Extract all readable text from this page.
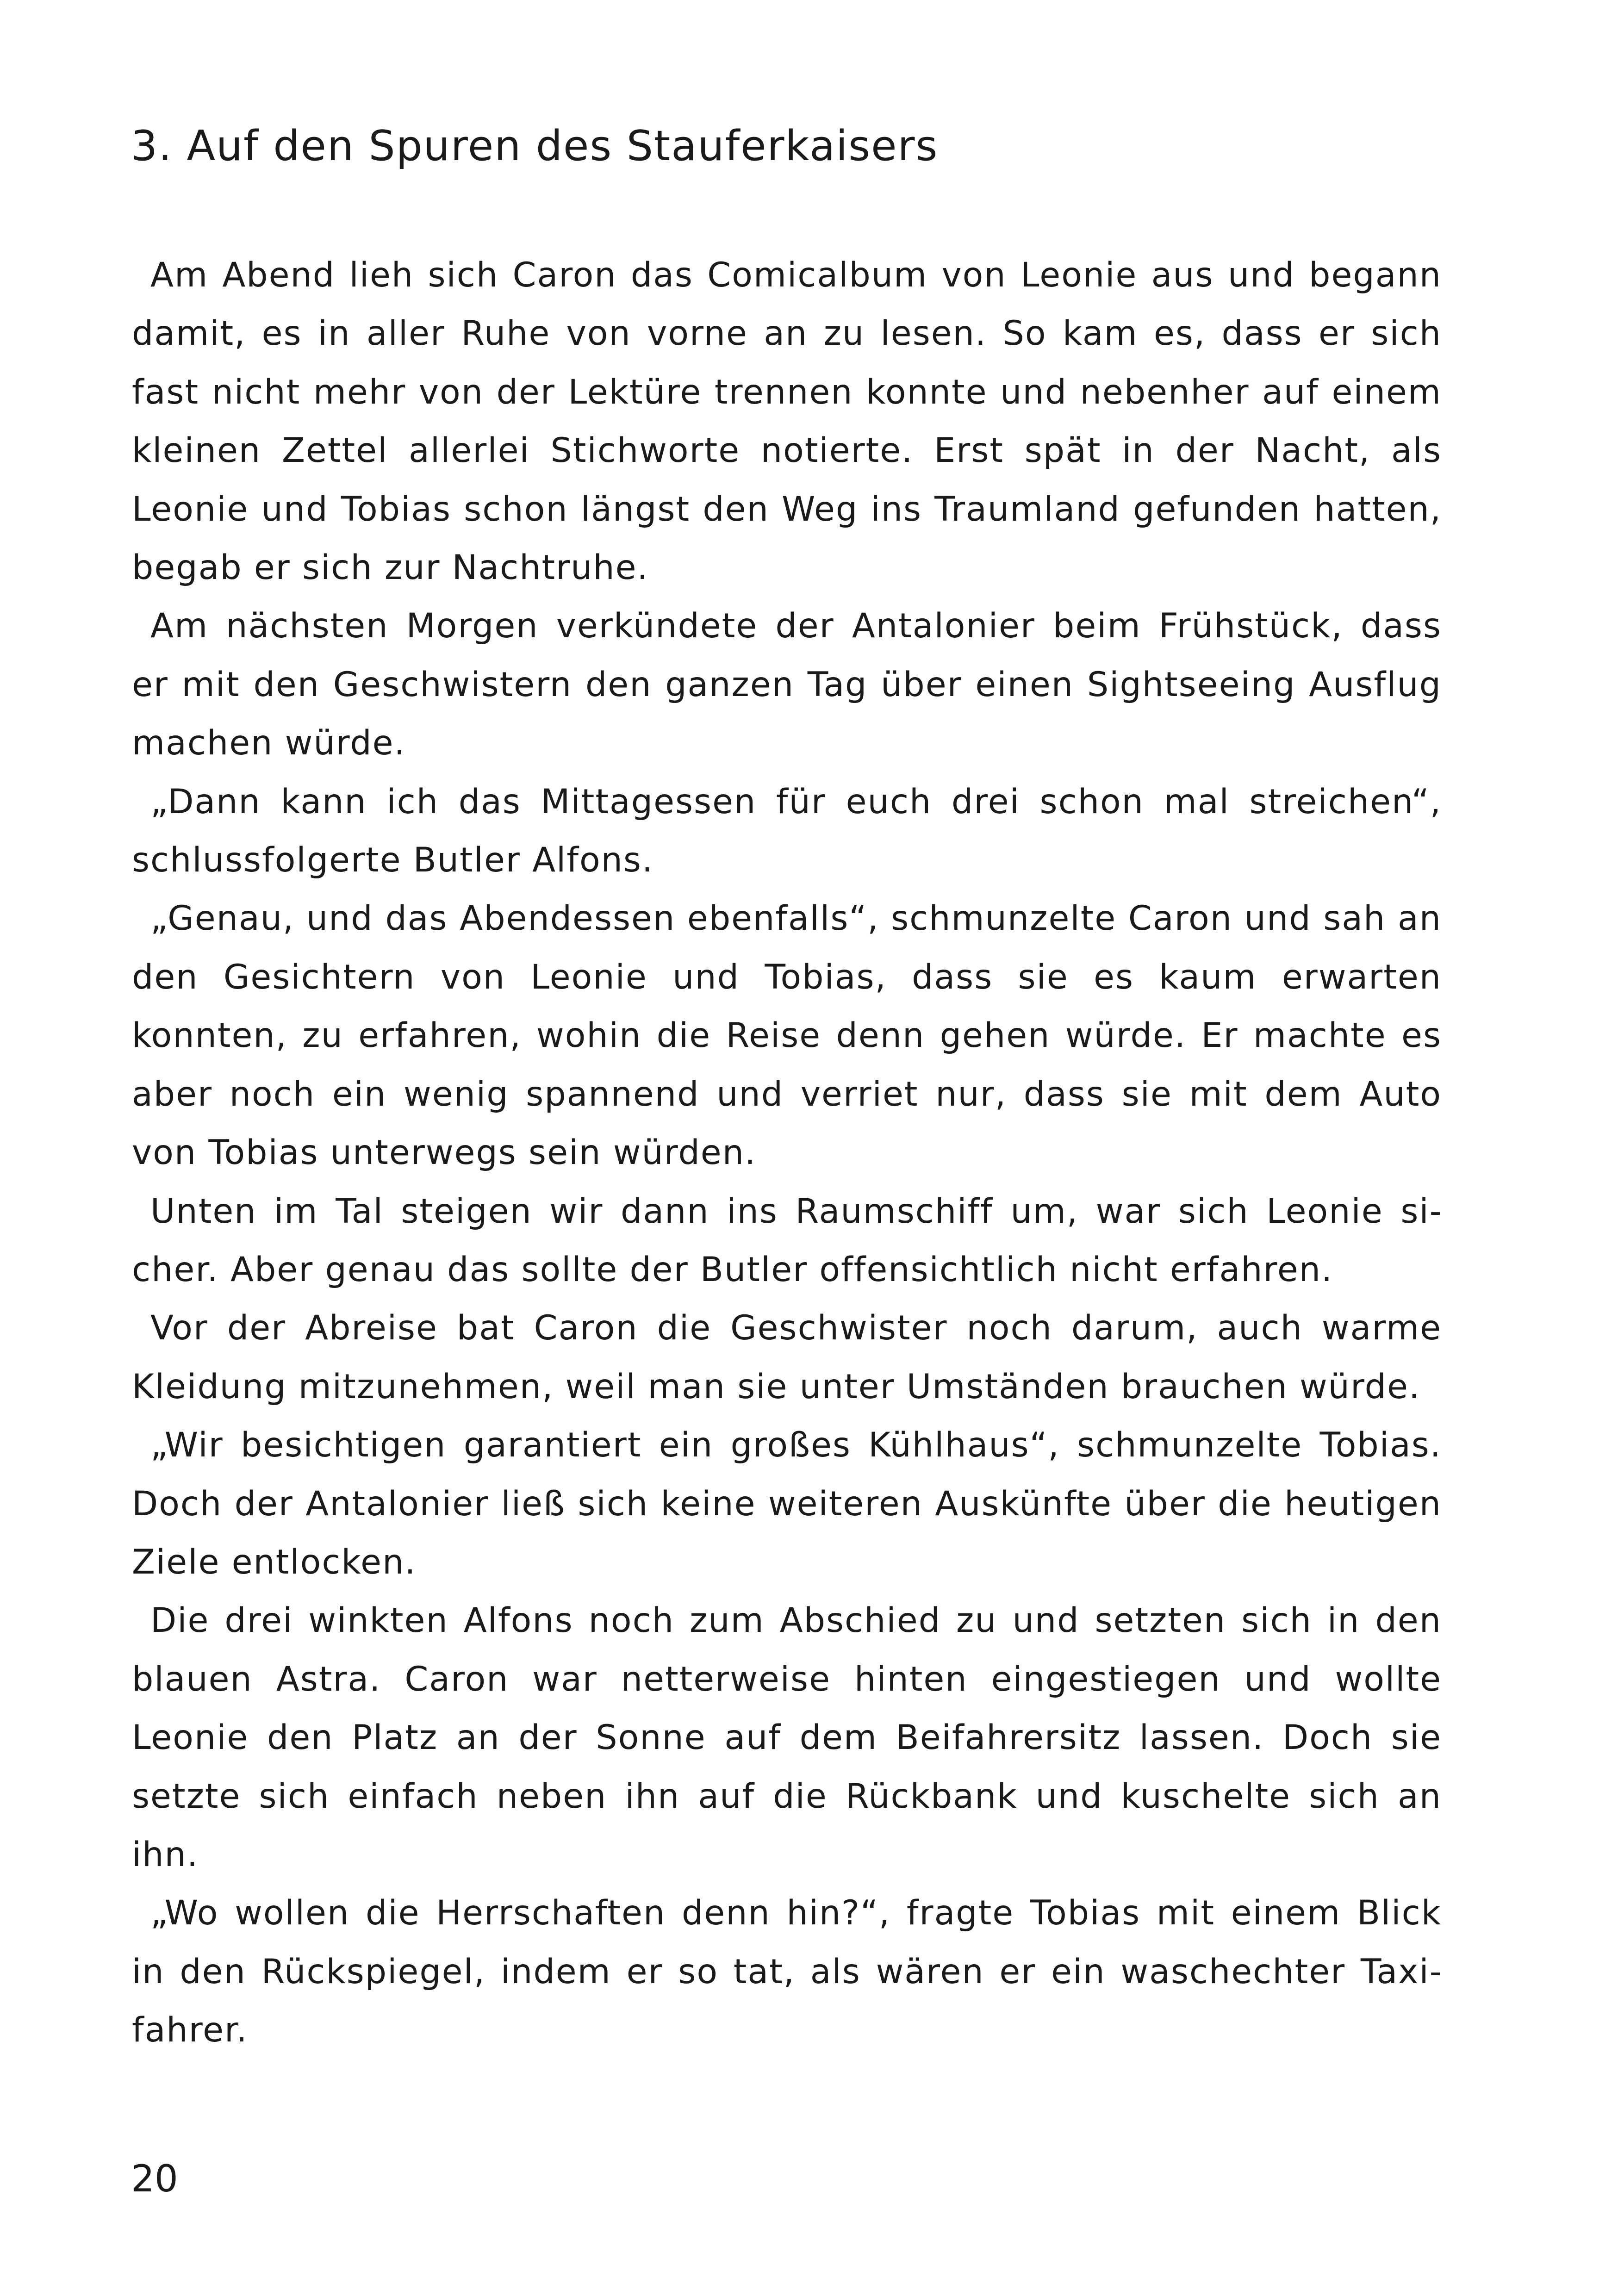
3. Auf den Spuren des Stauferkaisers

Am Abend lieh sich Caron das Comicalbum von Leonie aus und begann damit, es in aller Ruhe von vorne an zu lesen. So kam es, dass er sich fast nicht mehr von der Lektüre trennen konnte und nebenher auf einem kleinen Zettel allerlei Stichworte notierte. Erst spät in der Nacht, als Leonie und Tobias schon längst den Weg ins Traumland gefunden hatten, begab er sich zur Nachtruhe.

Am nächsten Morgen verkündete der Antalonier beim Frühstück, dass er mit den Geschwistern den ganzen Tag über einen Sightseeing Ausflug machen würde.

„Dann kann ich das Mittagessen für euch drei schon mal streichen“, schlussfolgerte Butler Alfons.

„Genau, und das Abendessen ebenfalls“, schmunzelte Caron und sah an den Gesichtern von Leonie und Tobias, dass sie es kaum erwarten konnten, zu erfahren, wohin die Reise denn gehen würde. Er machte es aber noch ein wenig spannend und verriet nur, dass sie mit dem Auto von Tobias unterwegs sein würden.

Unten im Tal steigen wir dann ins Raumschiff um, war sich Leonie sicher. Aber genau das sollte der Butler offensichtlich nicht erfahren.

Vor der Abreise bat Caron die Geschwister noch darum, auch warme Kleidung mitzunehmen, weil man sie unter Umständen brauchen würde.

„Wir besichtigen garantiert ein großes Kühlhaus“, schmunzelte Tobias. Doch der Antalonier ließ sich keine weiteren Auskünfte über die heutigen Ziele entlocken.

Die drei winkten Alfons noch zum Abschied zu und setzten sich in den blauen Astra. Caron war netterweise hinten eingestiegen und wollte Leonie den Platz an der Sonne auf dem Beifahrersitz lassen. Doch sie setzte sich einfach neben ihn auf die Rückbank und kuschelte sich an ihn.

„Wo wollen die Herrschaften denn hin?“, fragte Tobias mit einem Blick in den Rückspiegel, indem er so tat, als wären er ein waschechter Taxifahrer.

20
